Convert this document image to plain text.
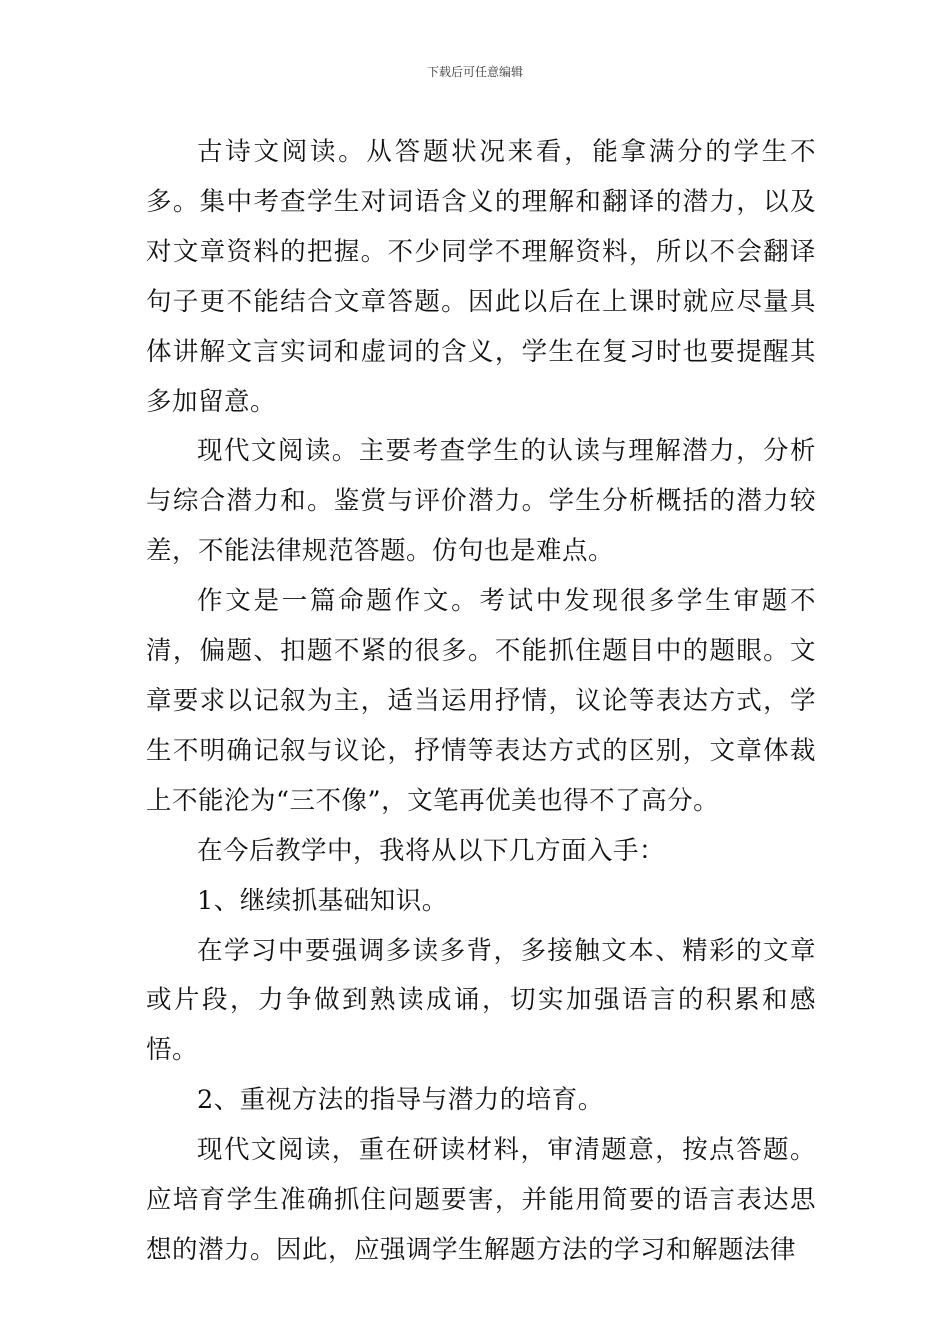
下载后可任意编辑

古诗文阅读。从答题状况来看，能拿满分的学生不多。集中考查学生对词语含义的理解和翻译的潜力，以及对文章资料的把握。不少同学不理解资料，所以不会翻译句子更不能结合文章答题。因此以后在上课时就应尽量具体讲解文言实词和虚词的含义，学生在复习时也要提醒其多加留意。

现代文阅读。主要考查学生的认读与理解潜力，分析与综合潜力和。鉴赏与评价潜力。学生分析概括的潜力较差，不能法律规范答题。仿句也是难点。

作文是一篇命题作文。考试中发现很多学生审题不清，偏题、扣题不紧的很多。不能抓住题目中的题眼。文章要求以记叙为主，适当运用抒情，议论等表达方式，学生不明确记叙与议论，抒情等表达方式的区别，文章体裁上不能沦为“三不像”，文笔再优美也得不了高分。

在今后教学中，我将从以下几方面入手：

1、继续抓基础知识。

在学习中要强调多读多背，多接触文本、精彩的文章或片段，力争做到熟读成诵，切实加强语言的积累和感悟。

2、重视方法的指导与潜力的培育。

现代文阅读，重在研读材料，审清题意，按点答题。应培育学生准确抓住问题要害，并能用简要的语言表达思想的潜力。因此，应强调学生解题方法的学习和解题法律
